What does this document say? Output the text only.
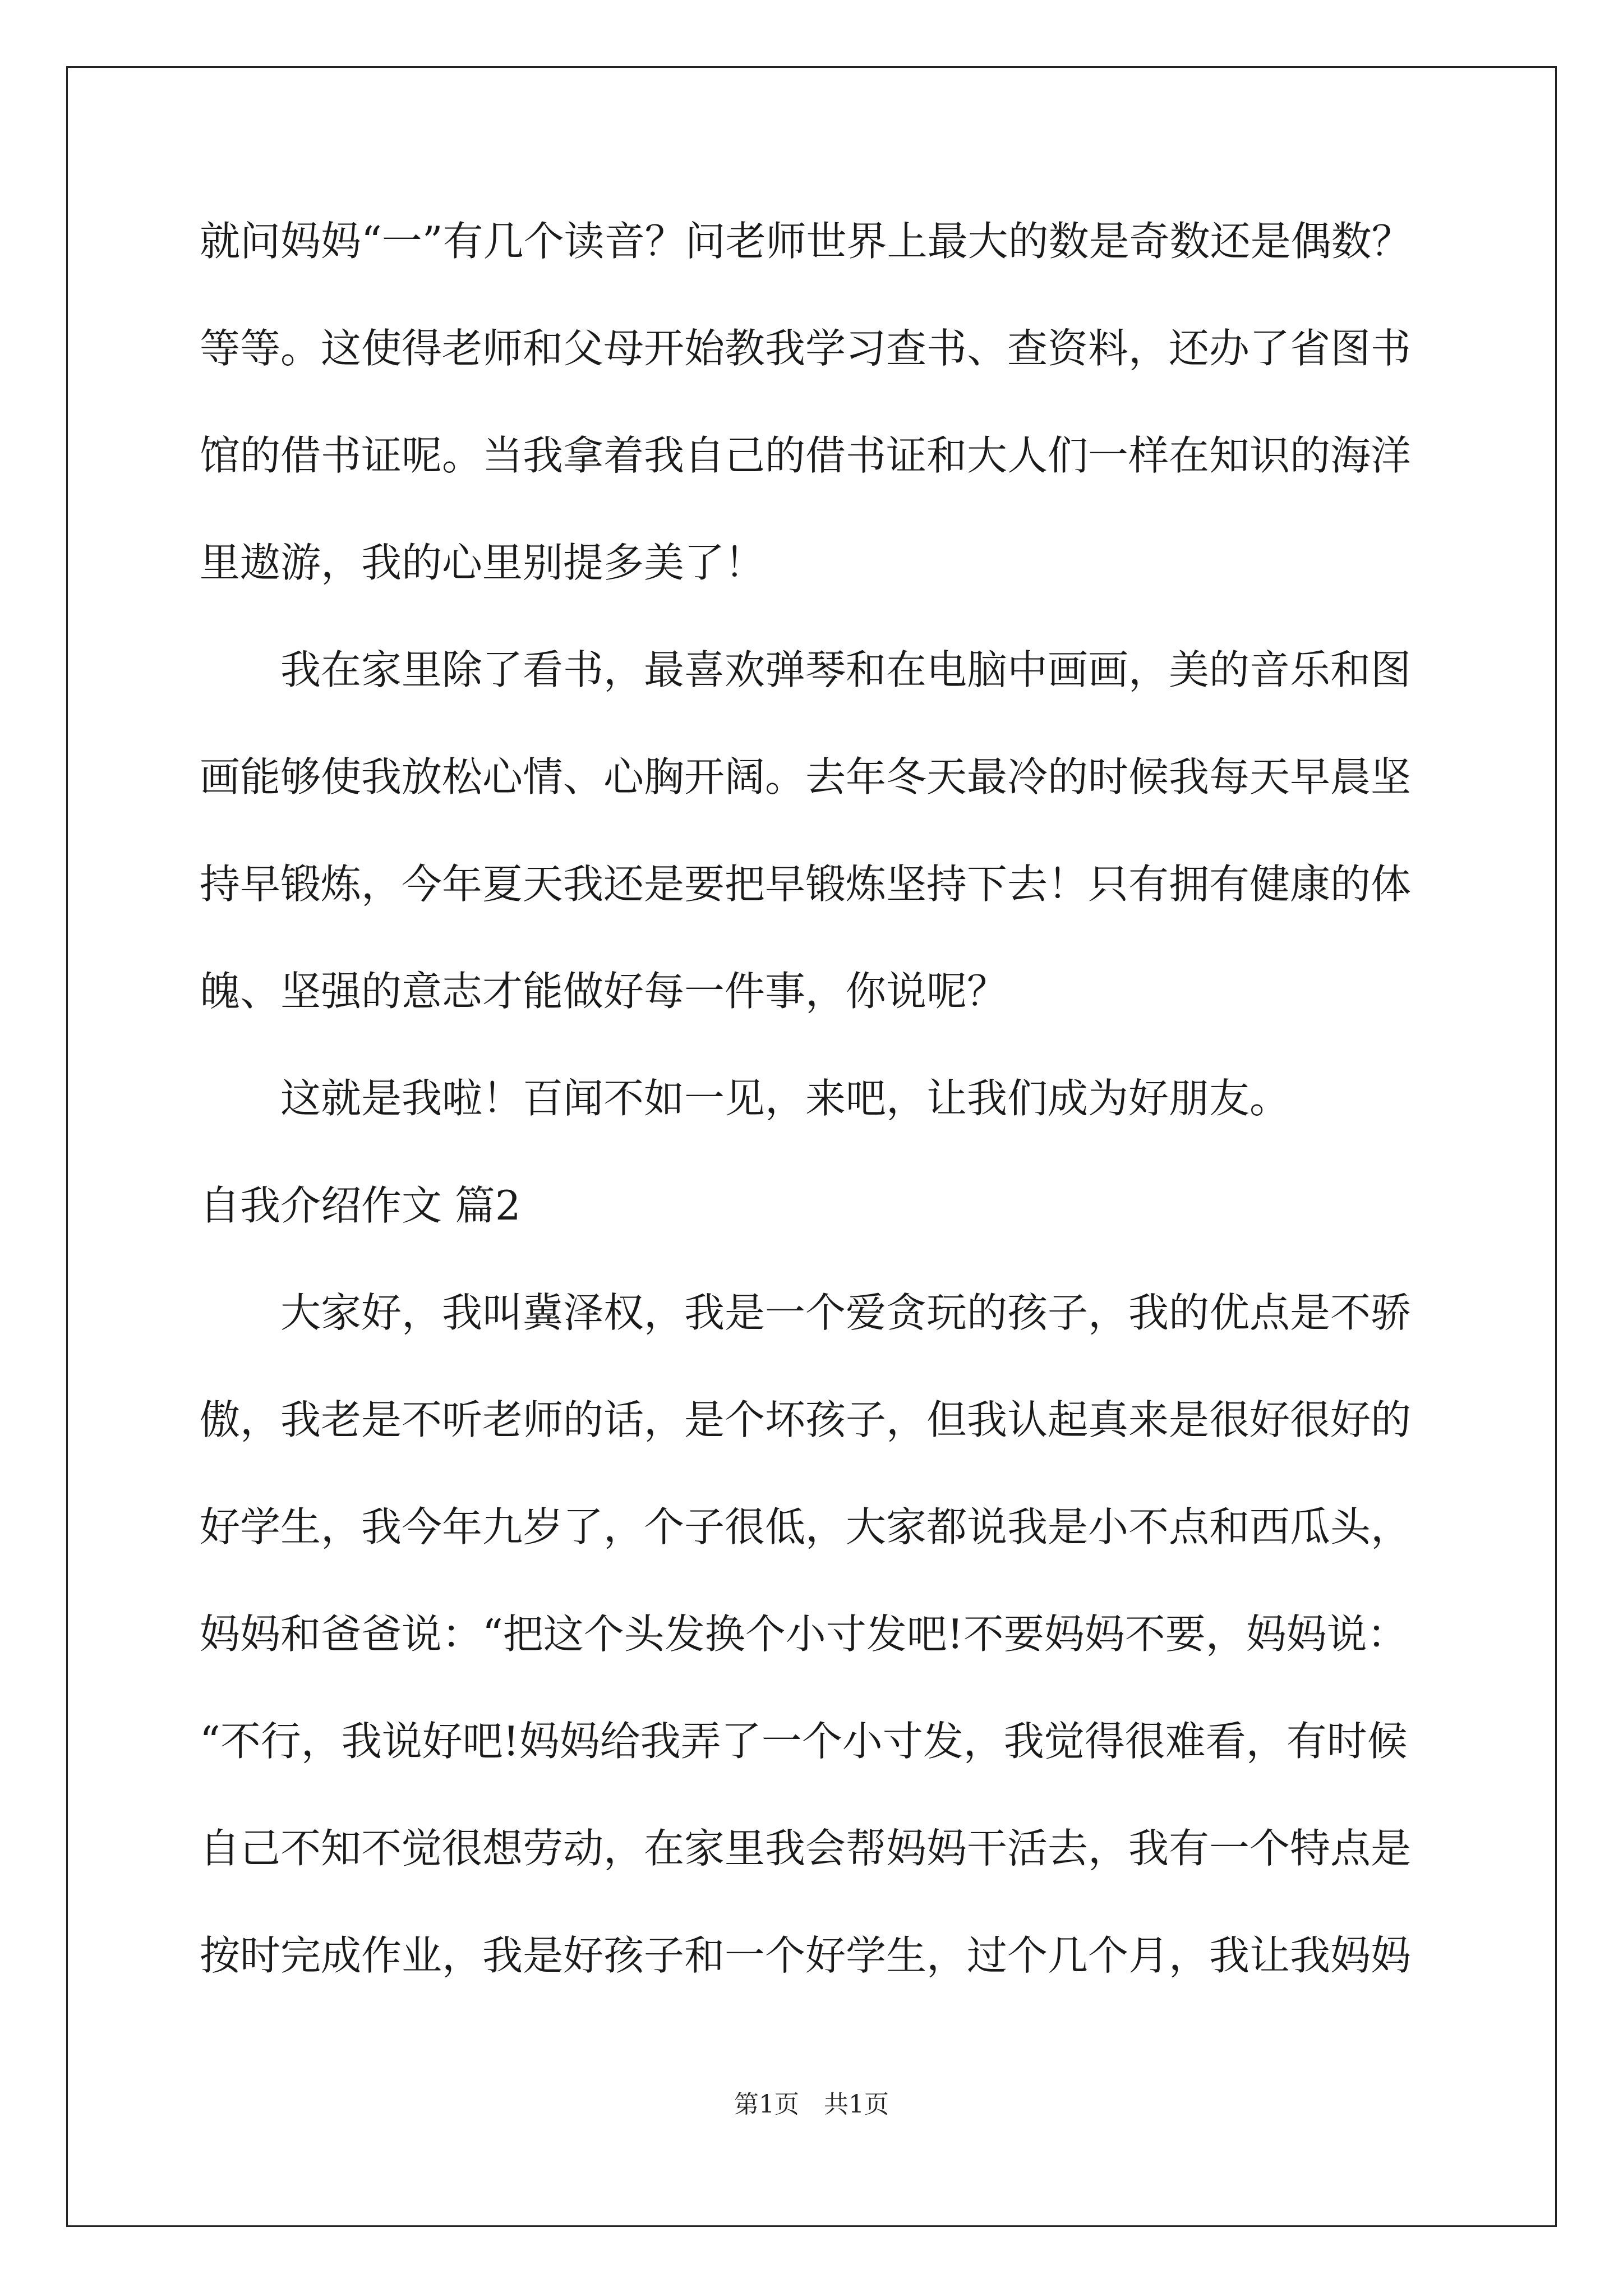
就问妈妈“一”有几个读音？问老师世界上最大的数是奇数还是偶数？
等等。这使得老师和父母开始教我学习查书、查资料，还办了省图书
馆的借书证呢。当我拿着我自己的借书证和大人们一样在知识的海洋
里遨游，我的心里别提多美了！
我在家里除了看书，最喜欢弹琴和在电脑中画画，美的音乐和图
画能够使我放松心情、心胸开阔。去年冬天最冷的时候我每天早晨坚
持早锻炼，今年夏天我还是要把早锻炼坚持下去！只有拥有健康的体
魄、坚强的意志才能做好每一件事，你说呢？
这就是我啦！百闻不如一见，来吧，让我们成为好朋友。
自我介绍作文 篇2
大家好，我叫冀泽权，我是一个爱贪玩的孩子，我的优点是不骄
傲，我老是不听老师的话，是个坏孩子，但我认起真来是很好很好的
好学生，我今年九岁了，个子很低，大家都说我是小不点和西瓜头，
妈妈和爸爸说：“把这个头发换个小寸发吧!不要妈妈不要，妈妈说：
“不行，我说好吧!妈妈给我弄了一个小寸发，我觉得很难看，有时候
自己不知不觉很想劳动，在家里我会帮妈妈干活去，我有一个特点是
按时完成作业，我是好孩子和一个好学生，过个几个月，我让我妈妈
第1页　共1页
